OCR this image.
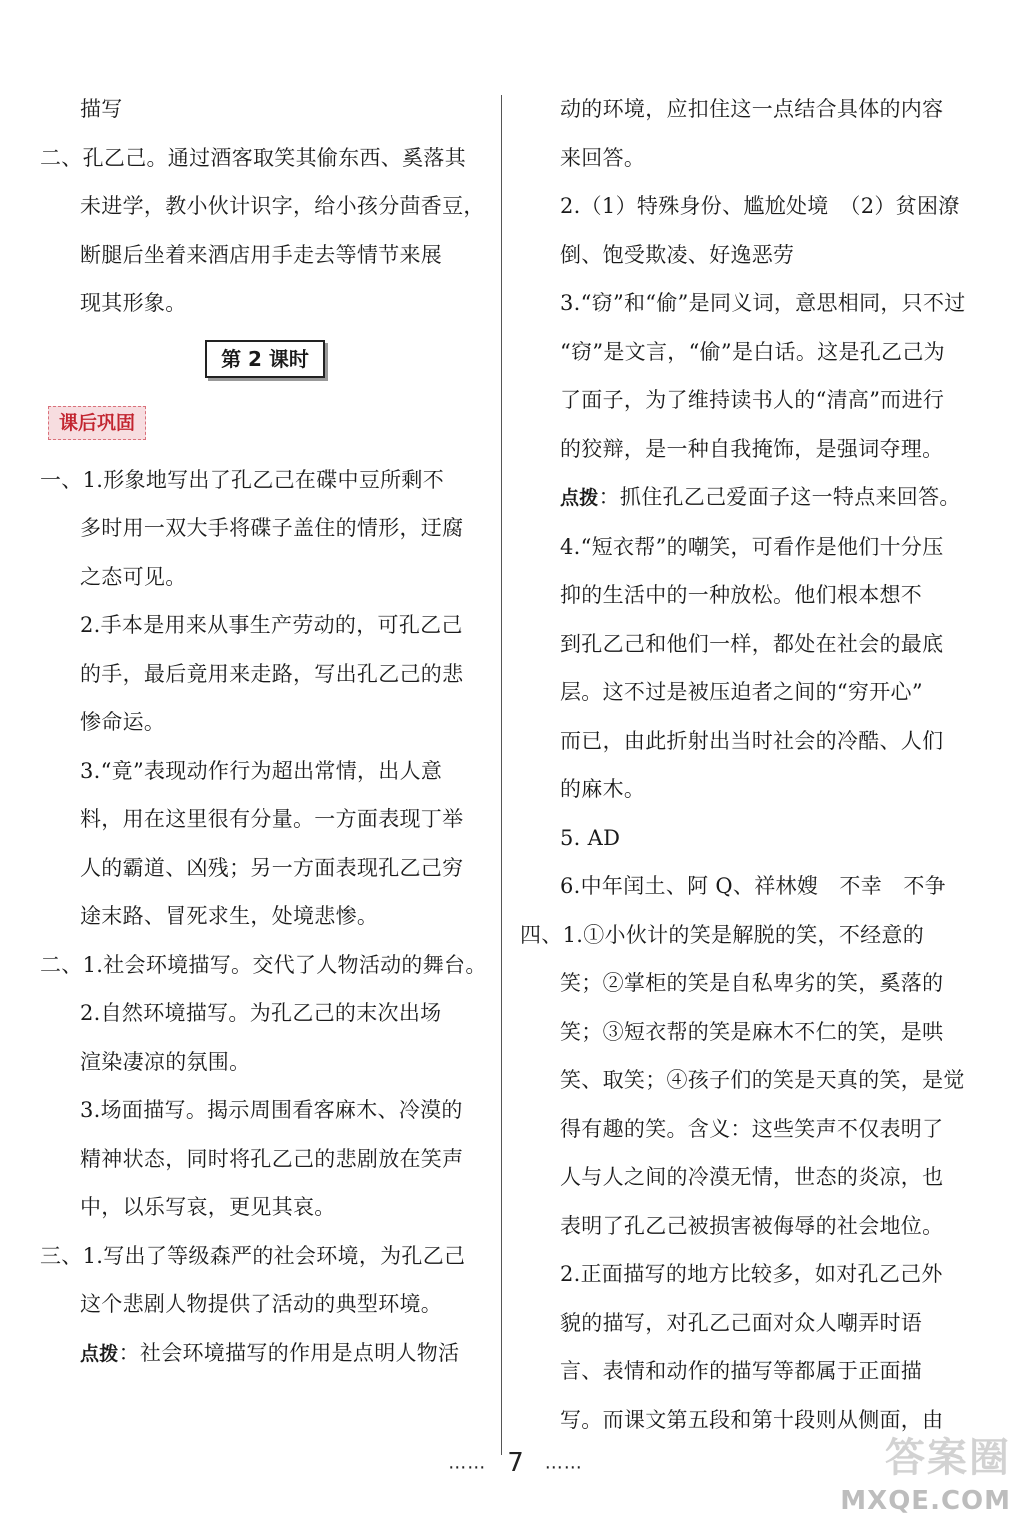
描写
二、孔乙己。通过酒客取笑其偷东西、奚落其
未进学，教小伙计识字，给小孩分茴香豆，
断腿后坐着来酒店用手走去等情节来展
现其形象。
第 2 课时
课后巩固
一、1.形象地写出了孔乙己在碟中豆所剩不
多时用一双大手将碟子盖住的情形，迂腐
之态可见。
2.手本是用来从事生产劳动的，可孔乙己
的手，最后竟用来走路，写出孔乙己的悲
惨命运。
3.“竟”表现动作行为超出常情，出人意
料，用在这里很有分量。一方面表现丁举
人的霸道、凶残；另一方面表现孔乙己穷
途末路、冒死求生，处境悲惨。
二、1.社会环境描写。交代了人物活动的舞台。
2.自然环境描写。为孔乙己的末次出场
渲染凄凉的氛围。
3.场面描写。揭示周围看客麻木、冷漠的
精神状态，同时将孔乙己的悲剧放在笑声
中，以乐写哀，更见其哀。
三、1.写出了等级森严的社会环境，为孔乙己
这个悲剧人物提供了活动的典型环境。
点拨：社会环境描写的作用是点明人物活
动的环境，应扣住这一点结合具体的内容
来回答。
2.（1）特殊身份、尴尬处境　（2）贫困潦
倒、饱受欺凌、好逸恶劳
3.“窃”和“偷”是同义词，意思相同，只不过
“窃”是文言，“偷”是白话。这是孔乙己为
了面子，为了维持读书人的“清高”而进行
的狡辩，是一种自我掩饰，是强词夺理。
点拨：抓住孔乙己爱面子这一特点来回答。
4.“短衣帮”的嘲笑，可看作是他们十分压
抑的生活中的一种放松。他们根本想不
到孔乙己和他们一样，都处在社会的最底
层。这不过是被压迫者之间的“穷开心”
而已，由此折射出当时社会的冷酷、人们
的麻木。
5. AD
6.中年闰土、阿 Q、祥林嫂　不幸　不争
四、1.①小伙计的笑是解脱的笑，不经意的
笑；②掌柜的笑是自私卑劣的笑，奚落的
笑；③短衣帮的笑是麻木不仁的笑，是哄
笑、取笑；④孩子们的笑是天真的笑，是觉
得有趣的笑。含义：这些笑声不仅表明了
人与人之间的冷漠无情，世态的炎凉，也
表明了孔乙己被损害被侮辱的社会地位。
2.正面描写的地方比较多，如对孔乙己外
貌的描写，对孔乙己面对众人嘲弄时语
言、表情和动作的描写等都属于正面描
写。而课文第五段和第十段则从侧面，由
…… 7 ……	答案圈
MXQE.COM
